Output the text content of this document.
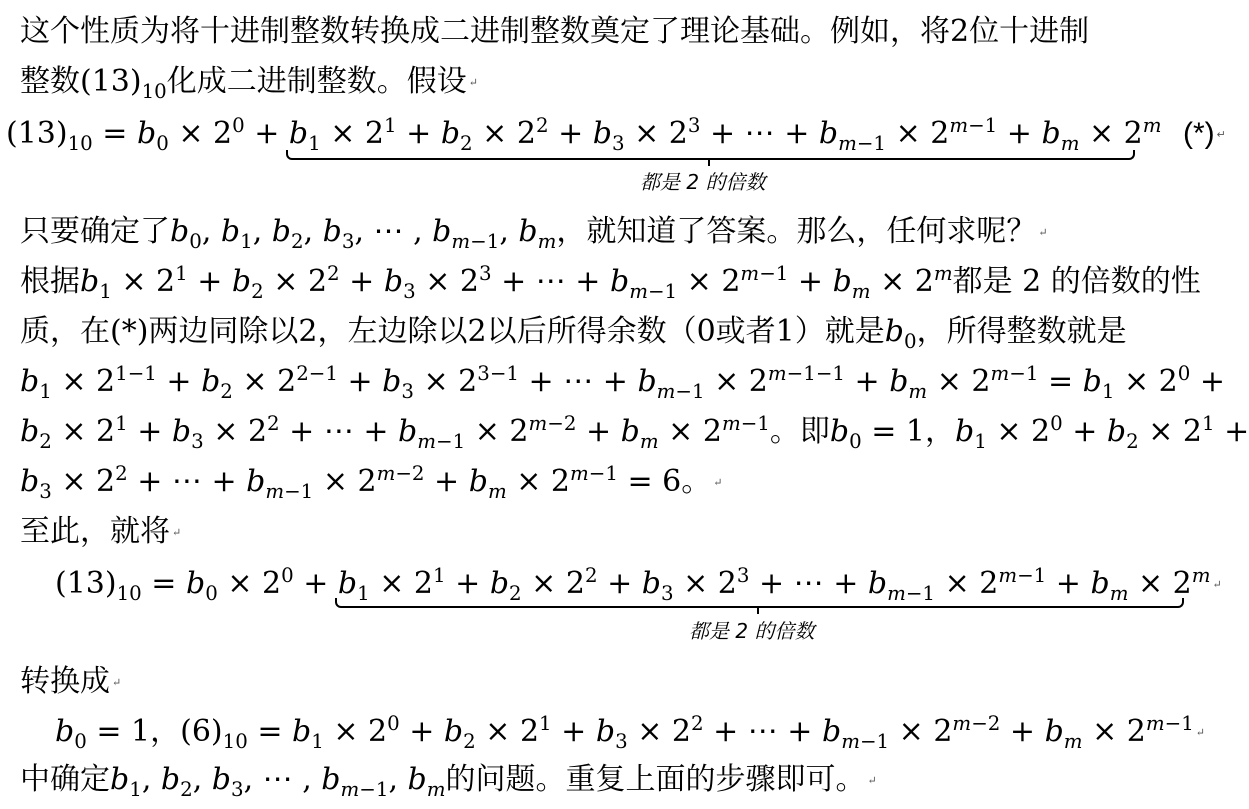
这个性质为将十进制整数转换成二进制整数奠定了理论基础。例如，将2位十进制
整数$(13)_{10}$化成二进制整数。假设 ↵
$(13)_{10} = b_0 \times 2^0 + b_1 \times 2^1 + b_2 \times 2^2 + b_3 \times 2^3$ + ⋯ + $b_{m-1} \times 2^{m-1} + b_m \times 2^m$
都是 2 的倍数
(*) ↵
只要确定了$b_0$, $b_1$, $b_2$, $b_3$, ⋯ , $b_{m-1}$, $b_m$，就知道了答案。那么，任何求呢？ ↵
根据$b_1 \times 2^1 + b_2 \times 2^2 + b_3 \times 2^3$ + ⋯ + $b_{m-1} \times 2^{m-1} + b_m \times 2^m$都是 2 的倍数的性
质，在(*)两边同除以2，左边除以2以后所得余数（0或者1）就是$b_0$，所得整数就是
$b_1 \times 2^{1-1} + b_2 \times 2^{2-1} + b_3 \times 2^{3-1}$ + ⋯ + $b_{m-1} \times 2^{m-1-1} + b_m \times 2^{m-1} = b_1 \times 2^0$ +
$b_2 \times 2^1 + b_3 \times 2^2$ + ⋯ + $b_{m-1} \times 2^{m-2} + b_m \times 2^{m-1}$。即$b_0 = 1$，$b_1 \times 2^0 + b_2 \times 2^1$ +
$b_3 \times 2^2$ + ⋯ + $b_{m-1} \times 2^{m-2} + b_m \times 2^{m-1} = 6$。 ↵
至此，就将 ↵
$(13)_{10} = b_0 \times 2^0 + b_1 \times 2^1 + b_2 \times 2^2 + b_3 \times 2^3$ + ⋯ + $b_{m-1} \times 2^{m-1} + b_m \times 2^m$ ↵
都是 2 的倍数
转换成 ↵
$b_0 = 1$，$(6)_{10} = b_1 \times 2^0 + b_2 \times 2^1 + b_3 \times 2^2$ + ⋯ + $b_{m-1} \times 2^{m-2} + b_m \times 2^{m-1}$ ↵
中确定$b_1$, $b_2$, $b_3$, ⋯ , $b_{m-1}$, $b_m$的问题。重复上面的步骤即可。 ↵
